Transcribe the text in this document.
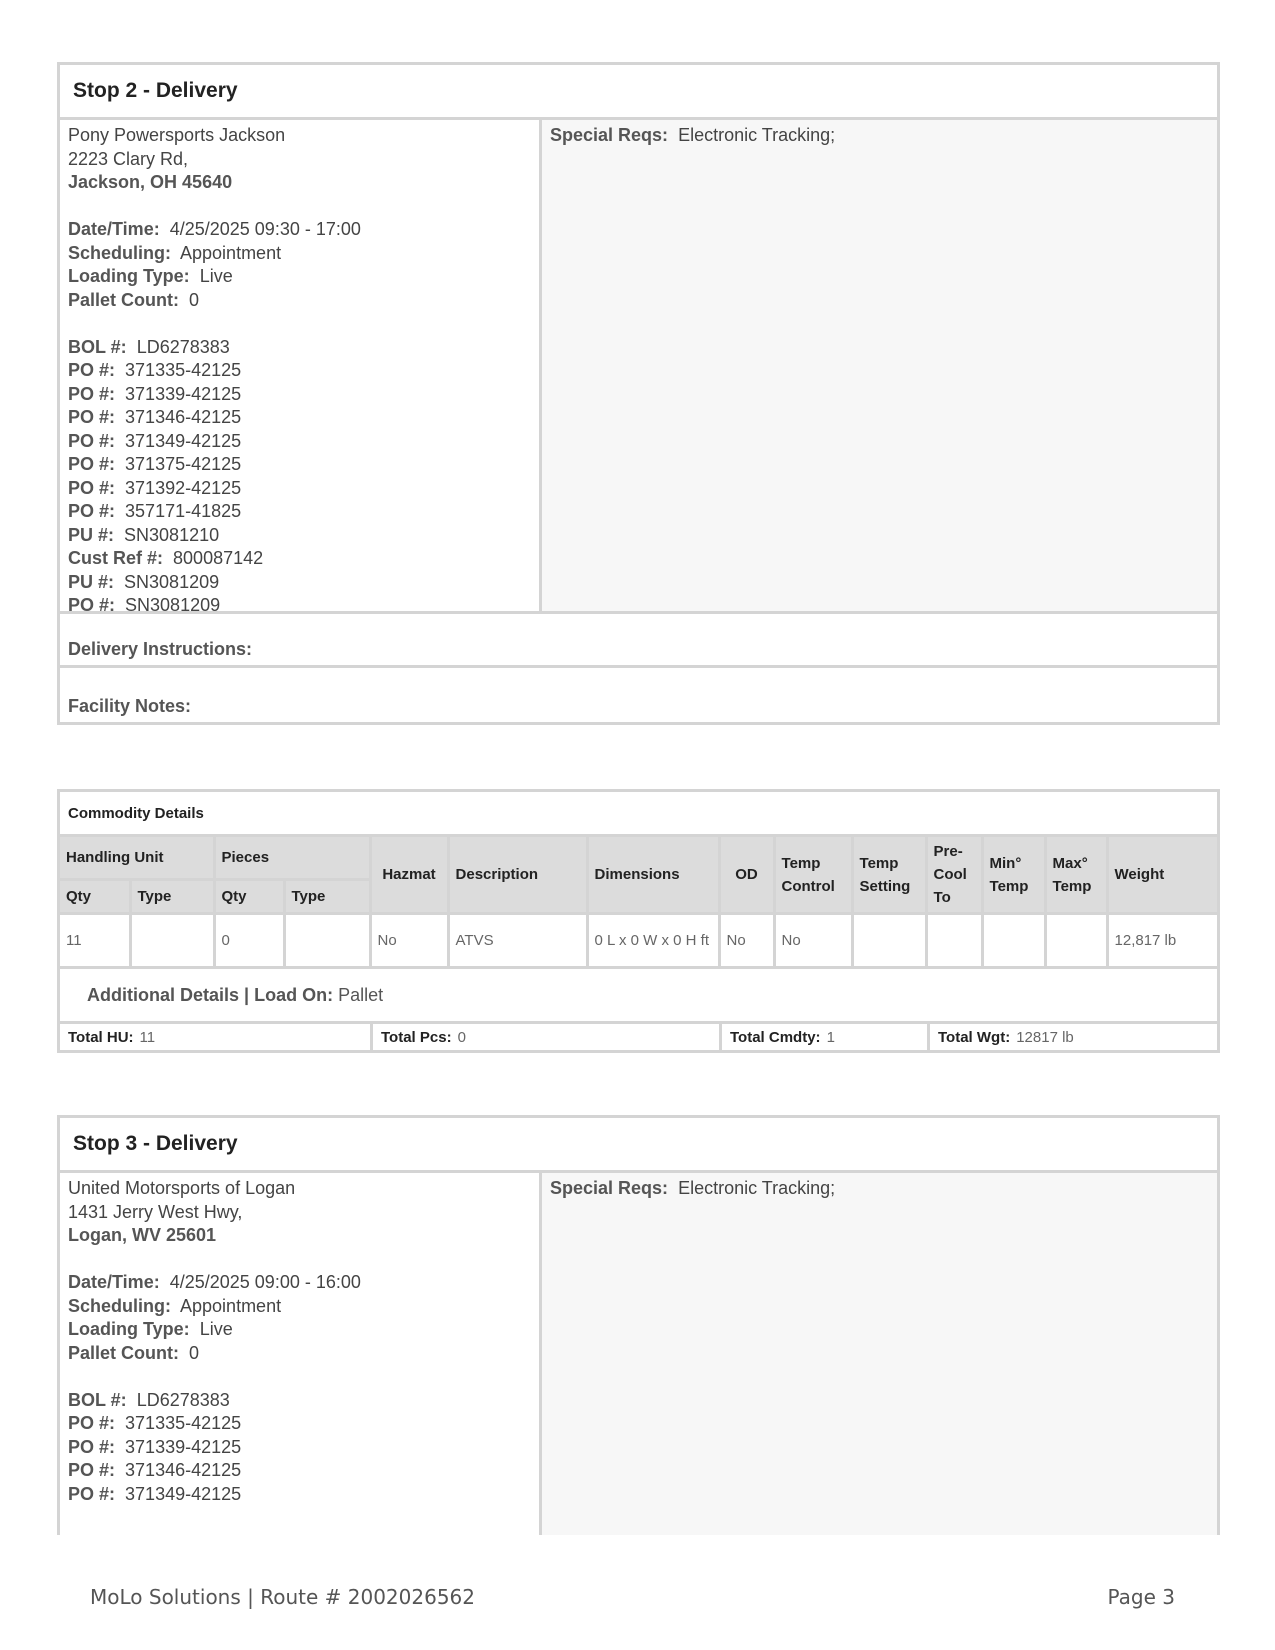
Stop 2 - Delivery
Pony Powersports Jackson
2223 Clary Rd,
Jackson, OH 45640
Date/Time: 4/25/2025 09:30 - 17:00
Scheduling: Appointment
Loading Type: Live
Pallet Count: 0
BOL #: LD6278383
PO #: 371335-42125
PO #: 371339-42125
PO #: 371346-42125
PO #: 371349-42125
PO #: 371375-42125
PO #: 371392-42125
PO #: 357171-41825
PU #: SN3081210
Cust Ref #: 800087142
PU #: SN3081209
PO #: SN3081209
Special Reqs: Electronic Tracking;
Delivery Instructions:
Facility Notes:
Commodity Details
Handling Unit		Pieces		Hazmat	Description	Dimensions	OD	Temp Control	Temp Setting	Pre-Cool To	Min° Temp	Max° Temp	Weight
Qty	Type	Qty	Type										
11		0		No	ATVS	0 L x 0 W x 0 H ft	No	No					12,817 lb
Additional Details
|
Load On:
Pallet
Total HU: 11	Total Pcs: 0	Total Cmdty: 1	Total Wgt: 12817 lb
Stop 3 - Delivery
United Motorsports of Logan
1431 Jerry West Hwy,
Logan, WV 25601
Date/Time: 4/25/2025 09:00 - 16:00
Scheduling: Appointment
Loading Type: Live
Pallet Count: 0
BOL #: LD6278383
PO #: 371335-42125
PO #: 371339-42125
PO #: 371346-42125
PO #: 371349-42125
Special Reqs: Electronic Tracking;
MoLo Solutions | Route # 2002026562	Page 3
